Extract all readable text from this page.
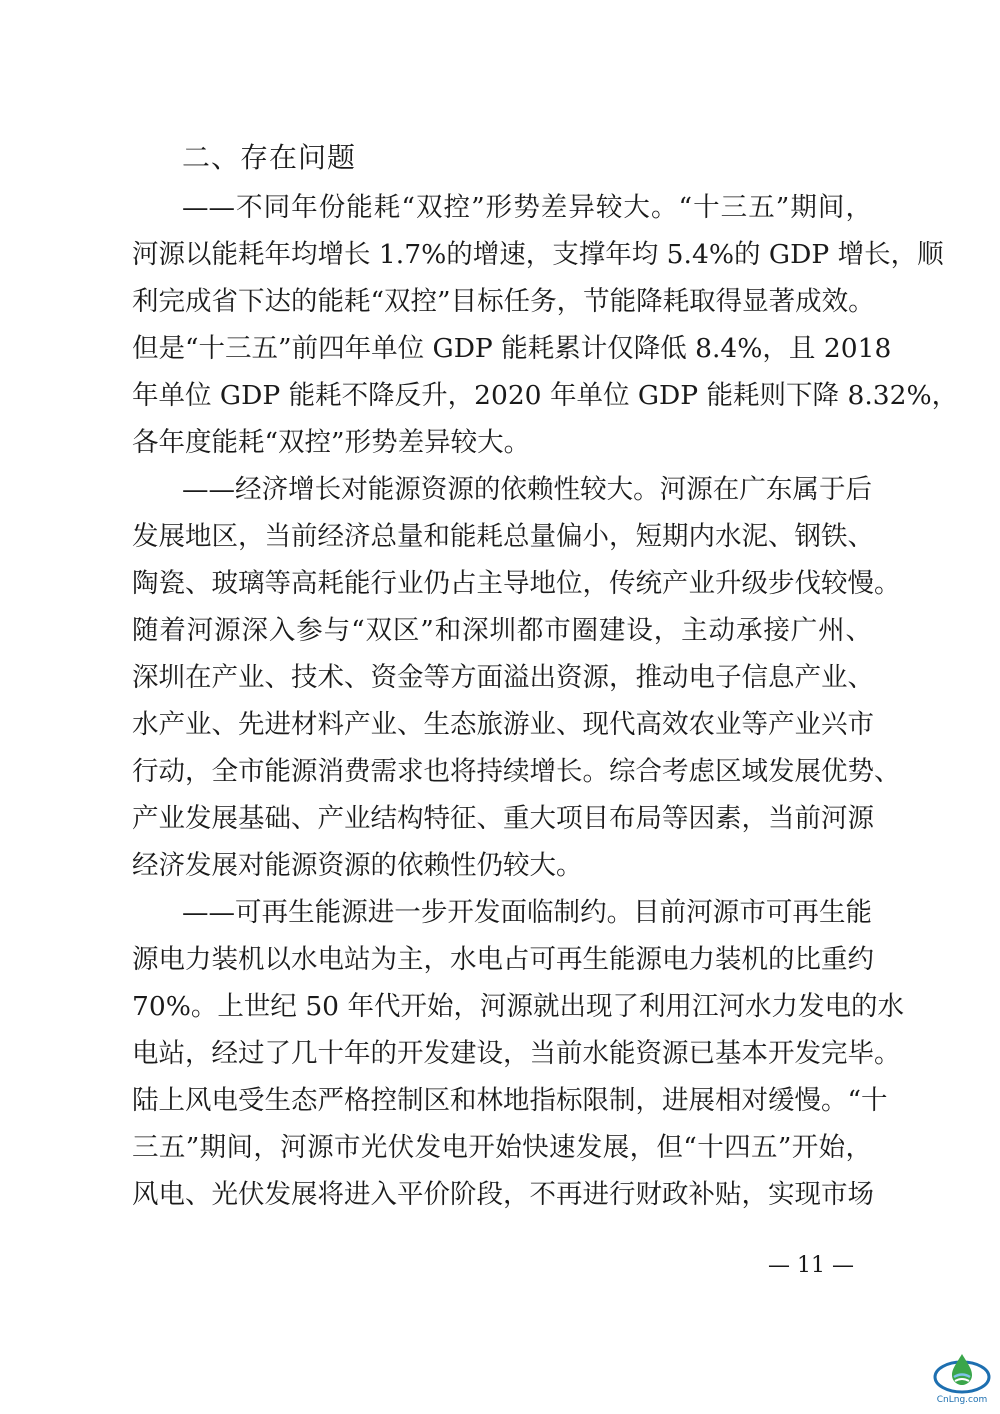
二、存在问题
——不同年份能耗“双控”形势差异较大。“十三五”期间，
河源以能耗年均增长 1.7%的增速，支撑年均 5.4%的 GDP 增长，顺
利完成省下达的能耗“双控”目标任务，节能降耗取得显著成效。
但是“十三五”前四年单位 GDP 能耗累计仅降低 8.4%，且 2018
年单位 GDP 能耗不降反升，2020 年单位 GDP 能耗则下降 8.32%，
各年度能耗“双控”形势差异较大。
——经济增长对能源资源的依赖性较大。河源在广东属于后
发展地区，当前经济总量和能耗总量偏小，短期内水泥、钢铁、
陶瓷、玻璃等高耗能行业仍占主导地位，传统产业升级步伐较慢。
随着河源深入参与“双区”和深圳都市圈建设，主动承接广州、
深圳在产业、技术、资金等方面溢出资源，推动电子信息产业、
水产业、先进材料产业、生态旅游业、现代高效农业等产业兴市
行动，全市能源消费需求也将持续增长。综合考虑区域发展优势、
产业发展基础、产业结构特征、重大项目布局等因素，当前河源
经济发展对能源资源的依赖性仍较大。
——可再生能源进一步开发面临制约。目前河源市可再生能
源电力装机以水电站为主，水电占可再生能源电力装机的比重约
70%。上世纪 50 年代开始，河源就出现了利用江河水力发电的水
电站，经过了几十年的开发建设，当前水能资源已基本开发完毕。
陆上风电受生态严格控制区和林地指标限制，进展相对缓慢。“十
三五”期间，河源市光伏发电开始快速发展，但“十四五”开始，
风电、光伏发展将进入平价阶段，不再进行财政补贴，实现市场
— 11 —
CnLng.com
